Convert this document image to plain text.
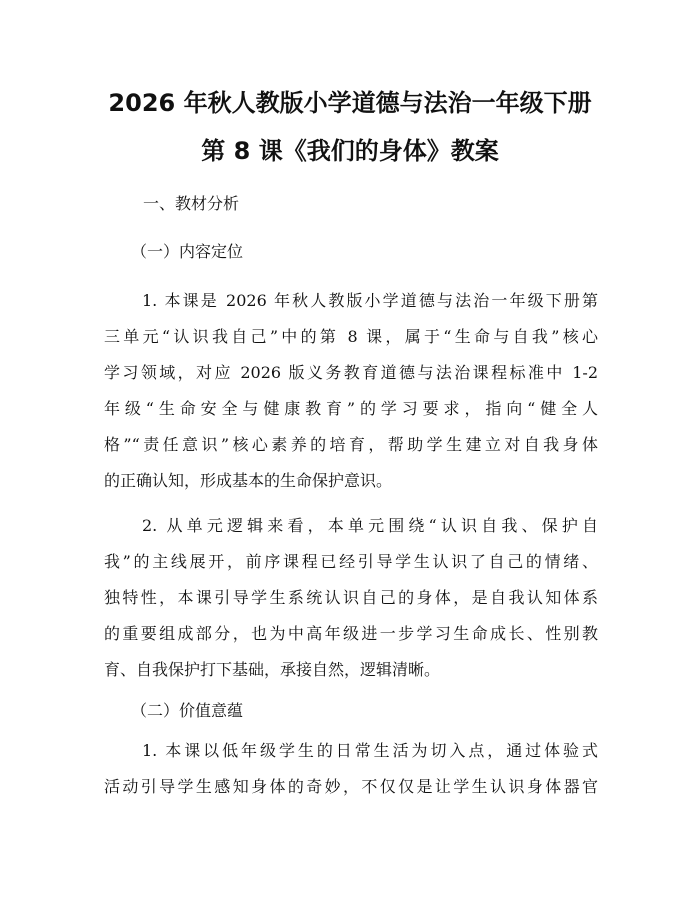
2026 年秋人教版小学道德与法治一年级下册
第 8 课《我们的身体》教案
一、教材分析
（一）内容定位
1. 本课是 2026 年秋人教版小学道德与法治一年级下册第
三单元“认识我自己”中的第 8 课，属于“生命与自我”核心
学习领域，对应 2026 版义务教育道德与法治课程标准中 1-2
年级“生命安全与健康教育”的学习要求，指向“健全人
格”“责任意识”核心素养的培育，帮助学生建立对自我身体
的正确认知，形成基本的生命保护意识。
2. 从单元逻辑来看，本单元围绕“认识自我、保护自
我”的主线展开，前序课程已经引导学生认识了自己的情绪、
独特性，本课引导学生系统认识自己的身体，是自我认知体系
的重要组成部分，也为中高年级进一步学习生命成长、性别教
育、自我保护打下基础，承接自然，逻辑清晰。
（二）价值意蕴
1. 本课以低年级学生的日常生活为切入点，通过体验式
活动引导学生感知身体的奇妙，不仅仅是让学生认识身体器官
